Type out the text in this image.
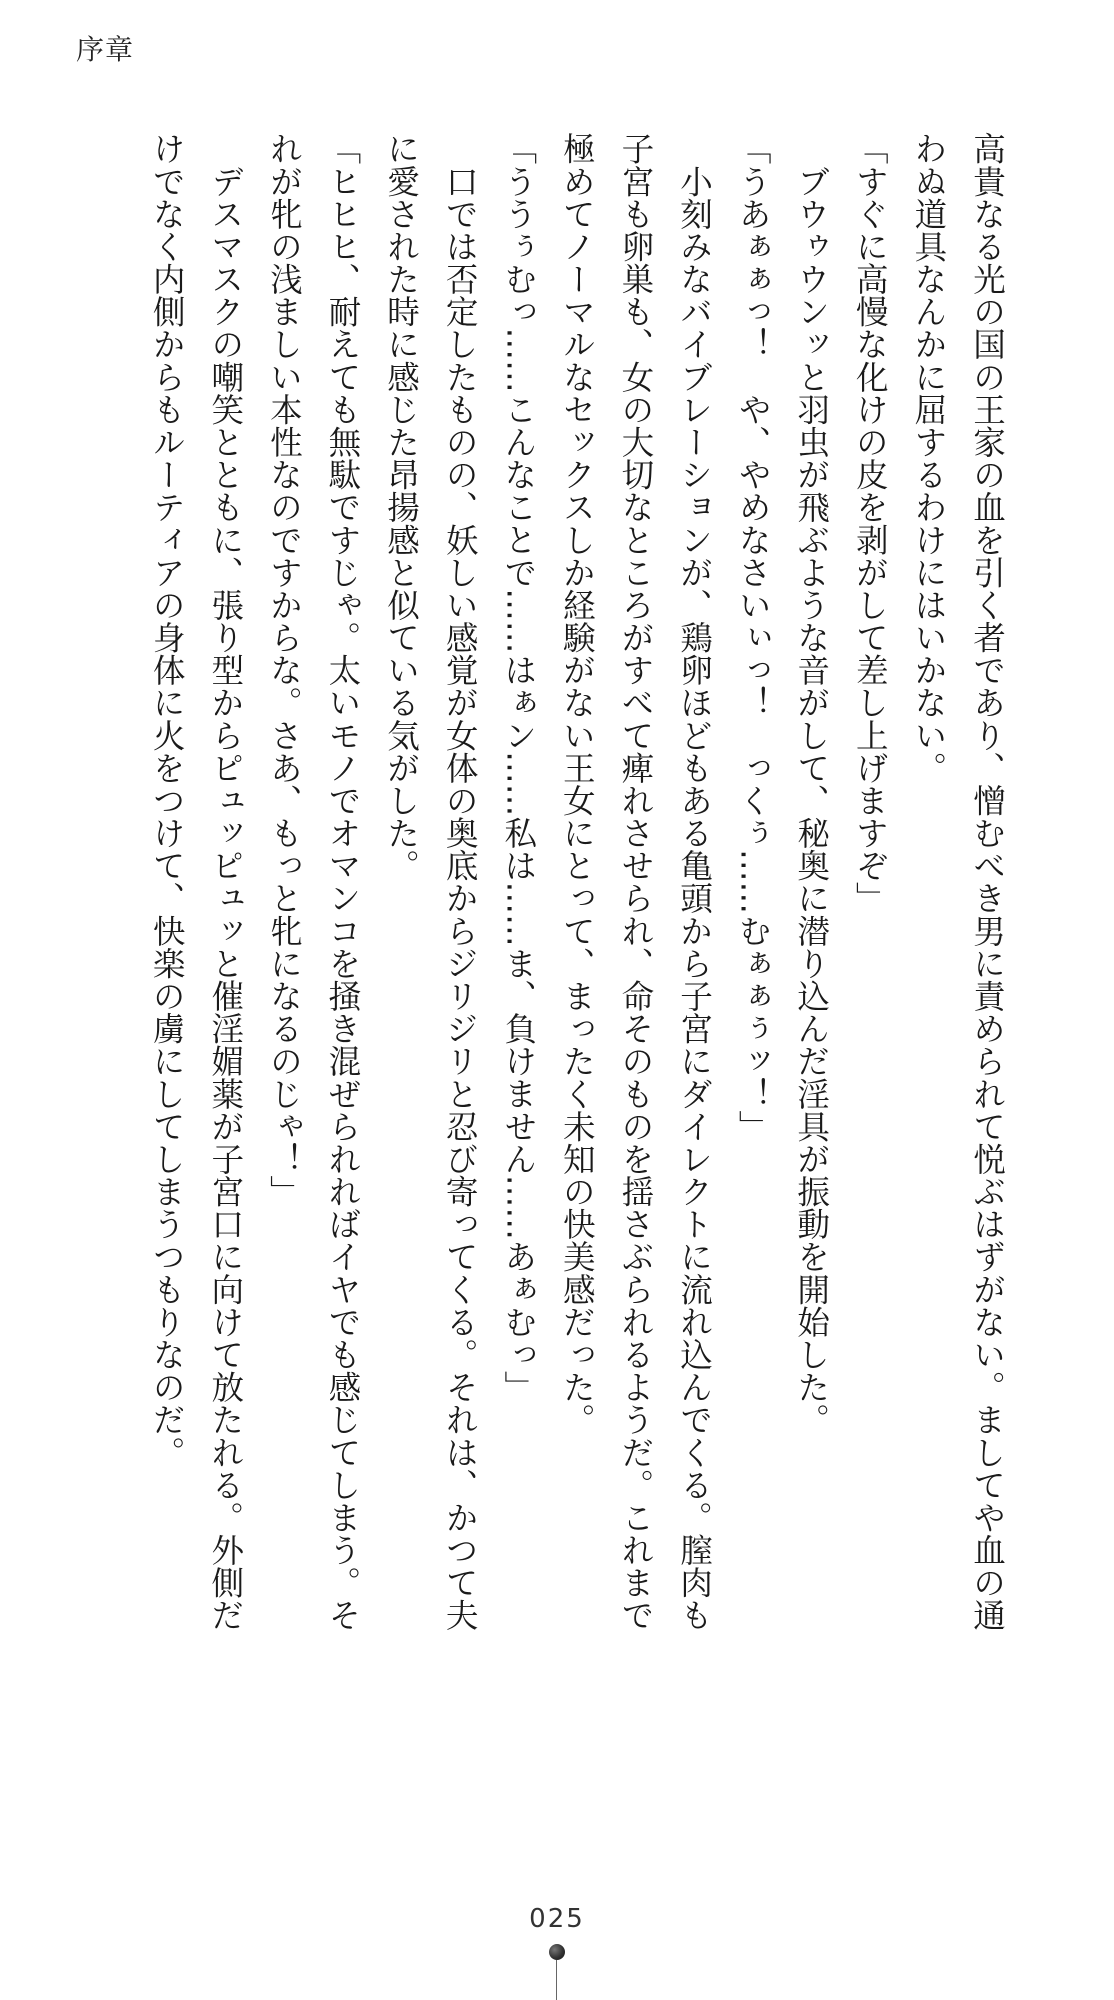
序章

高貴なる光の国の王家の血を引く者であり、憎むべき男に責められて悦ぶはずがない。ましてや血の通わぬ道具なんかに屈するわけにはいかない。

「すぐに高慢な化けの皮を剥がして差し上げますぞ」

　ブウゥウンッと羽虫が飛ぶような音がして、秘奥に潜り込んだ淫具が振動を開始した。

「うあぁぁっ！　や、やめなさいぃっ！　っくぅ……むぁぁぅッ！」

　小刻みなバイブレーションが、鶏卵ほどもある亀頭から子宮にダイレクトに流れ込んでくる。膣肉も子宮も卵巣も、女の大切なところがすべて痺れさせられ、命そのものを揺さぶられるようだ。これまで極めてノーマルなセックスしか経験がない王女にとって、まったく未知の快美感だった。

「ううぅむっ……こんなことで……はぁン……私は……ま、負けません……あぁむっ」

　口では否定したものの、妖しい感覚が女体の奥底からジリジリと忍び寄ってくる。それは、かつて夫に愛された時に感じた昂揚感と似ている気がした。

「ヒヒヒ、耐えても無駄ですじゃ。太いモノでオマンコを掻き混ぜられればイヤでも感じてしまう。それが牝の浅ましい本性なのですからな。さあ、もっと牝になるのじゃ！」

　デスマスクの嘲笑とともに、張り型からピュッピュッと催淫媚薬が子宮口に向けて放たれる。外側だけでなく内側からもルーティアの身体に火をつけて、快楽の虜にしてしまうつもりなのだ。

025
